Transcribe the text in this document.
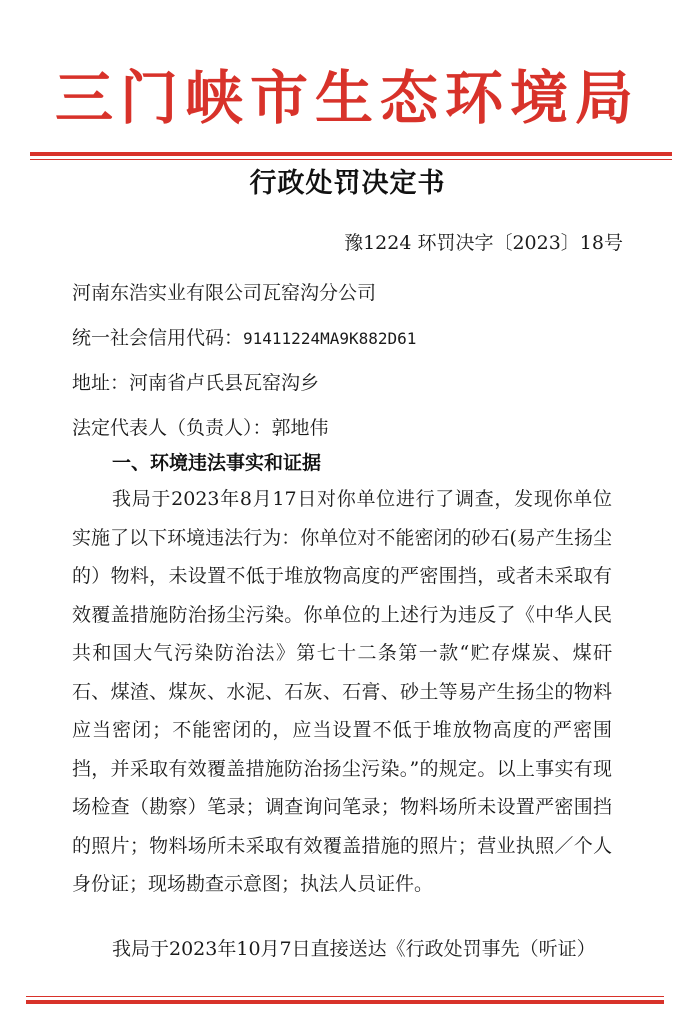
三门峡市生态环境局
行政处罚决定书
豫1224 环罚决字〔2023〕18号
河南东浩实业有限公司瓦窑沟分公司
统一社会信用代码：91411224MA9K882D61
地址：河南省卢氏县瓦窑沟乡
法定代表人（负责人）：郭地伟
一、环境违法事实和证据
我局于2023年8月17日对你单位进行了调查，发现你单位实施了以下环境违法行为：你单位对不能密闭的砂石(易产生扬尘的）物料，未设置不低于堆放物高度的严密围挡，或者未采取有效覆盖措施防治扬尘污染。你单位的上述行为违反了《中华人民共和国大气污染防治法》第七十二条第一款“贮存煤炭、煤矸石、煤渣、煤灰、水泥、石灰、石膏、砂土等易产生扬尘的物料应当密闭；不能密闭的，应当设置不低于堆放物高度的严密围挡，并采取有效覆盖措施防治扬尘污染。”的规定。以上事实有现场检查（勘察）笔录；调查询问笔录；物料场所未设置严密围挡的照片；物料场所未采取有效覆盖措施的照片；营业执照／个人身份证；现场勘查示意图；执法人员证件。
我局于2023年10月7日直接送达《行政处罚事先（听证）
